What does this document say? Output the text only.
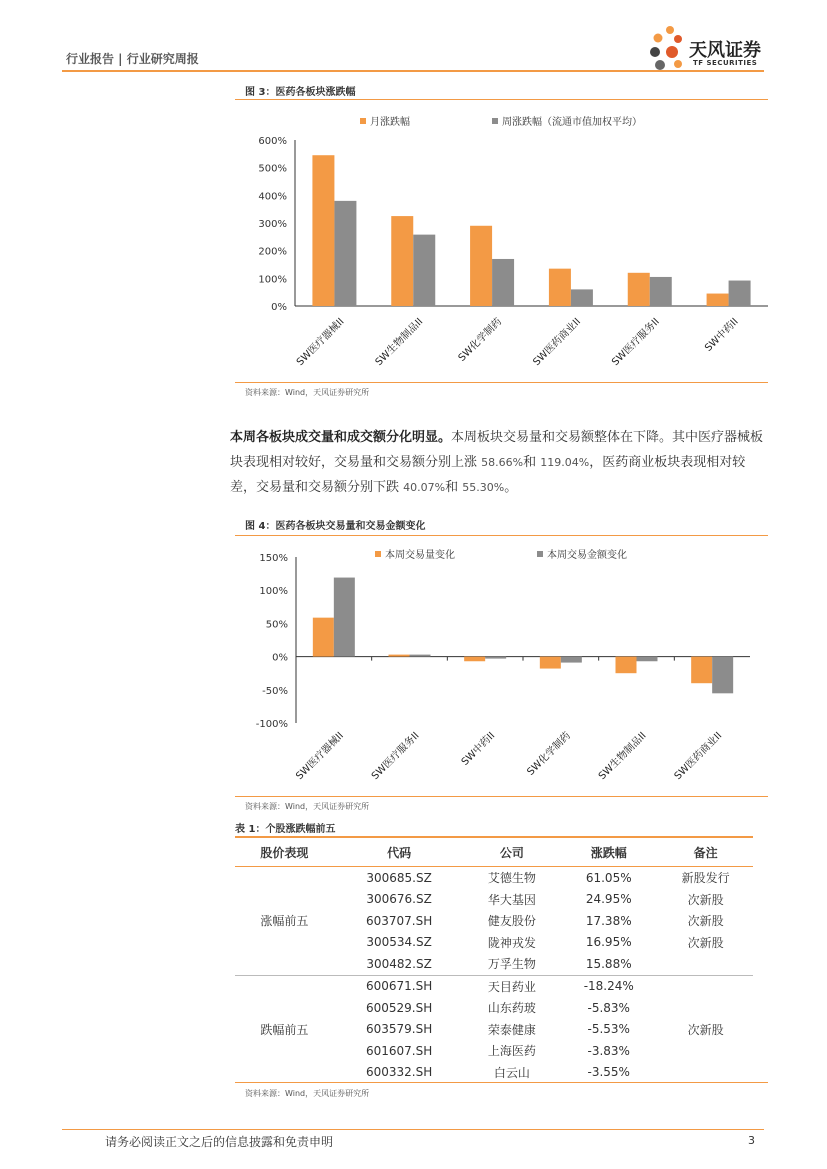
行业报告 | 行业研究周报	天风证券
TF SECURITIES
图 3：医药各板块涨跌幅
月涨跌幅	周涨跌幅（流通市值加权平均）
0%
100%
200%
300%
400%
500%
600%
SW医疗器械II	SW生物制品II	SW化学制药	SW医药商业II	SW医疗服务II	SW中药II
资料来源：Wind，天风证券研究所
本周各板块成交量和成交额分化明显。本周板块交易量和交易额整体在下降。其中医疗器械板块表现相对较好，交易量和交易额分别上涨 58.66%和 119.04%，医药商业板块表现相对较差，交易量和交易额分别下跌 40.07%和 55.30%。
图 4：医药各板块交易量和交易金额变化
本周交易量变化	本周交易金额变化
-100%
-50%
0%
50%
100%
150%
SW医疗器械II SW医疗服务II	SW中药II	SW化学制药 SW生物制品II SW医药商业II
资料来源：Wind，天风证券研究所
表 1：个股涨跌幅前五
股价表现	代码	公司	涨跌幅	备注
涨幅前五	300685.SZ	艾德生物	61.05%	新股发行
	300676.SZ	华大基因	24.95%	次新股
	603707.SH	健友股份	17.38%	次新股
	300534.SZ	陇神戎发	16.95%	次新股
	300482.SZ	万孚生物	15.88%	
跌幅前五	600671.SH	天目药业	-18.24%	
	600529.SH	山东药玻	-5.83%	
	603579.SH	荣泰健康	-5.53%	次新股
	601607.SH	上海医药	-3.83%	
	600332.SH	白云山	-3.55%	
资料来源：Wind，天风证券研究所
请务必阅读正文之后的信息披露和免责申明	3
